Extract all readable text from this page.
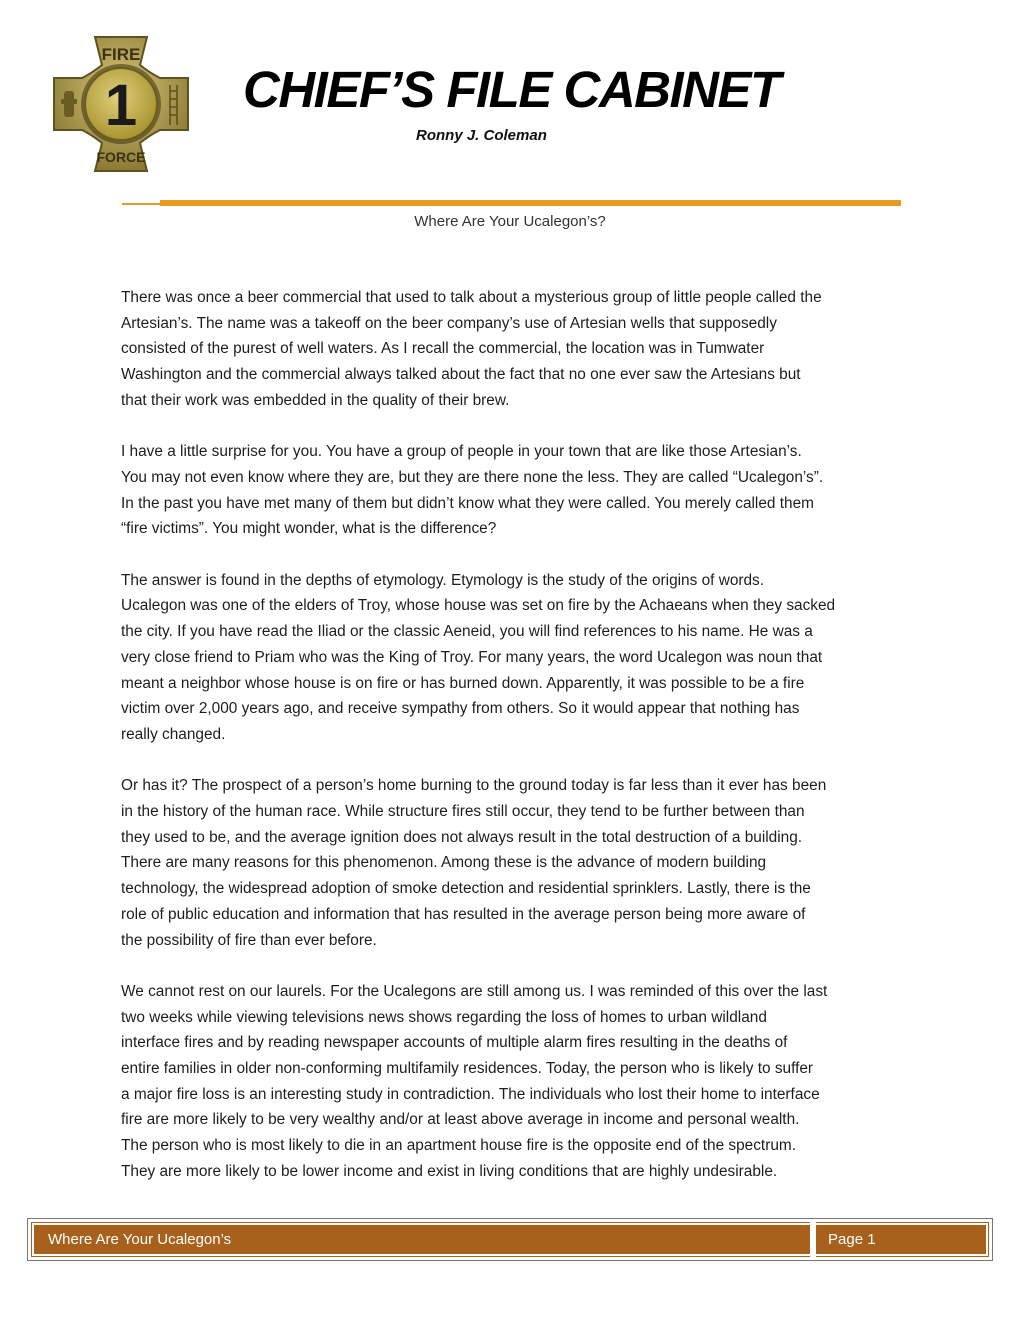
FIRE
1
FORCE
CHIEF’S FILE CABINET
Ronny J. Coleman
Where Are Your Ucalegon’s?

There was once a beer commercial that used to talk about a mysterious group of little people called the
Artesian’s. The name was a takeoff on the beer company’s use of Artesian wells that supposedly
consisted of the purest of well waters. As I recall the commercial, the location was in Tumwater
Washington and the commercial always talked about the fact that no one ever saw the Artesians but
that their work was embedded in the quality of their brew.

I have a little surprise for you. You have a group of people in your town that are like those Artesian’s.
You may not even know where they are, but they are there none the less. They are called “Ucalegon’s”.
In the past you have met many of them but didn’t know what they were called. You merely called them
“fire victims”. You might wonder, what is the difference?

The answer is found in the depths of etymology. Etymology is the study of the origins of words.
Ucalegon was one of the elders of Troy, whose house was set on fire by the Achaeans when they sacked
the city. If you have read the Iliad or the classic Aeneid, you will find references to his name. He was a
very close friend to Priam who was the King of Troy. For many years, the word Ucalegon was noun that
meant a neighbor whose house is on fire or has burned down. Apparently, it was possible to be a fire
victim over 2,000 years ago, and receive sympathy from others. So it would appear that nothing has
really changed.

Or has it? The prospect of a person’s home burning to the ground today is far less than it ever has been
in the history of the human race. While structure fires still occur, they tend to be further between than
they used to be, and the average ignition does not always result in the total destruction of a building.
There are many reasons for this phenomenon. Among these is the advance of modern building
technology, the widespread adoption of smoke detection and residential sprinklers. Lastly, there is the
role of public education and information that has resulted in the average person being more aware of
the possibility of fire than ever before.

We cannot rest on our laurels. For the Ucalegons are still among us. I was reminded of this over the last
two weeks while viewing televisions news shows regarding the loss of homes to urban wildland
interface fires and by reading newspaper accounts of multiple alarm fires resulting in the deaths of
entire families in older non-conforming multifamily residences. Today, the person who is likely to suffer
a major fire loss is an interesting study in contradiction. The individuals who lost their home to interface
fire are more likely to be very wealthy and/or at least above average in income and personal wealth.
The person who is most likely to die in an apartment house fire is the opposite end of the spectrum.
They are more likely to be lower income and exist in living conditions that are highly undesirable.

Where Are Your Ucalegon’s	Page 1
